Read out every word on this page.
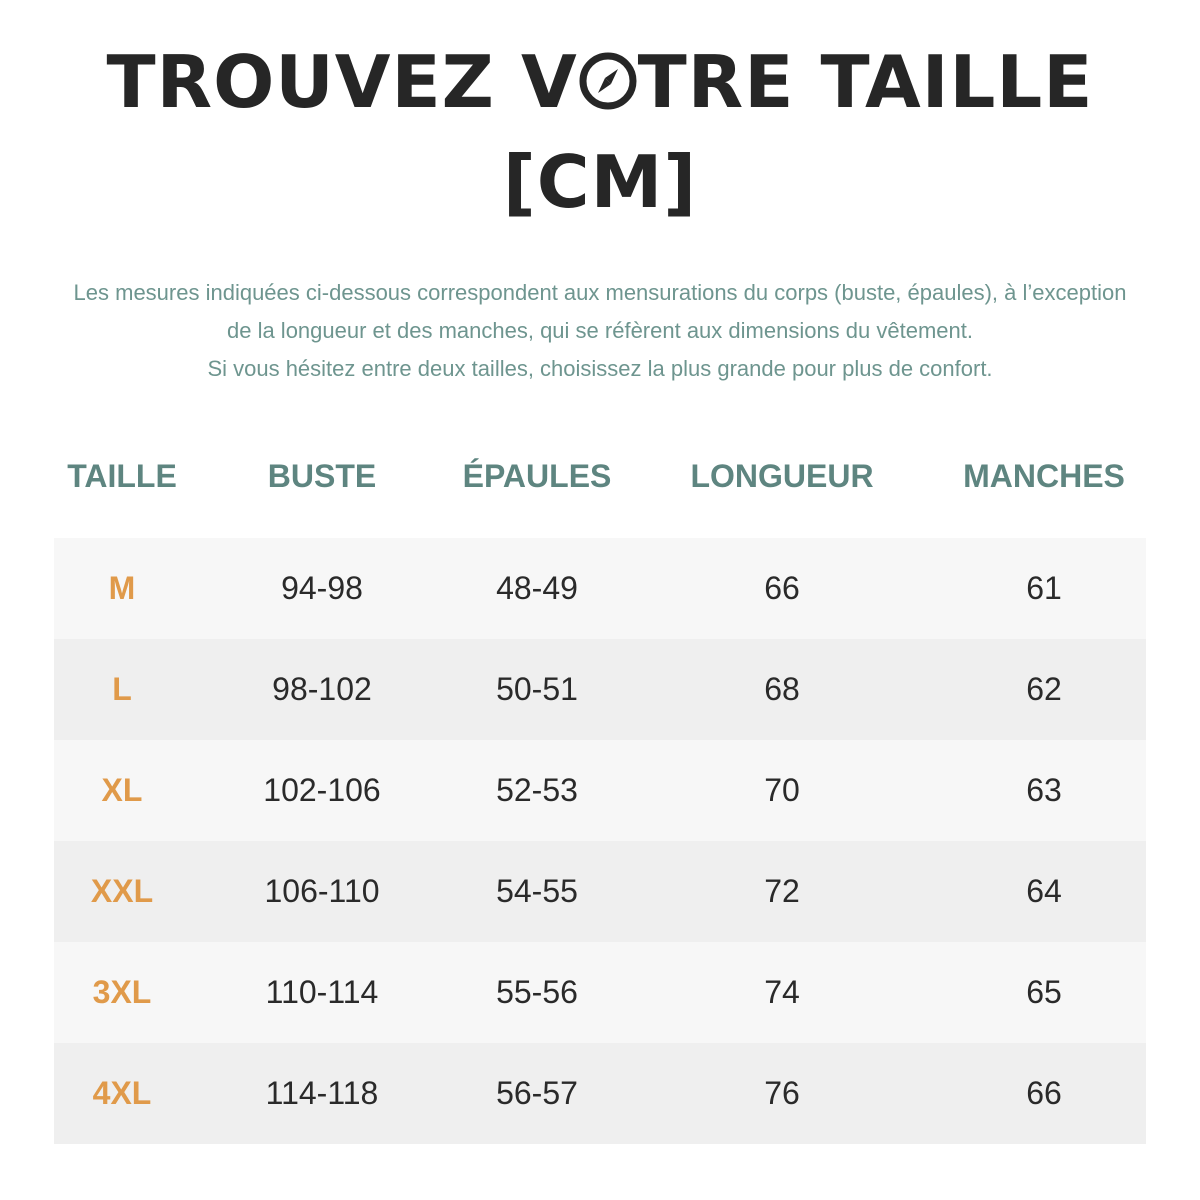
TROUVEZ V TRE TAILLE
[CM]

Les mesures indiquées ci-dessous correspondent aux mensurations du corps (buste, épaules), à l’exception

de la longueur et des manches, qui se réfèrent aux dimensions du vêtement.

Si vous hésitez entre deux tailles, choisissez la plus grande pour plus de confort.

TAILLE	BUSTE	ÉPAULES	LONGUEUR	MANCHES
M	94-98	48-49	66	61
L	98-102	50-51	68	62
XL	102-106	52-53	70	63
XXL	106-110	54-55	72	64
3XL	110-114	55-56	74	65
4XL	114-118	56-57	76	66
